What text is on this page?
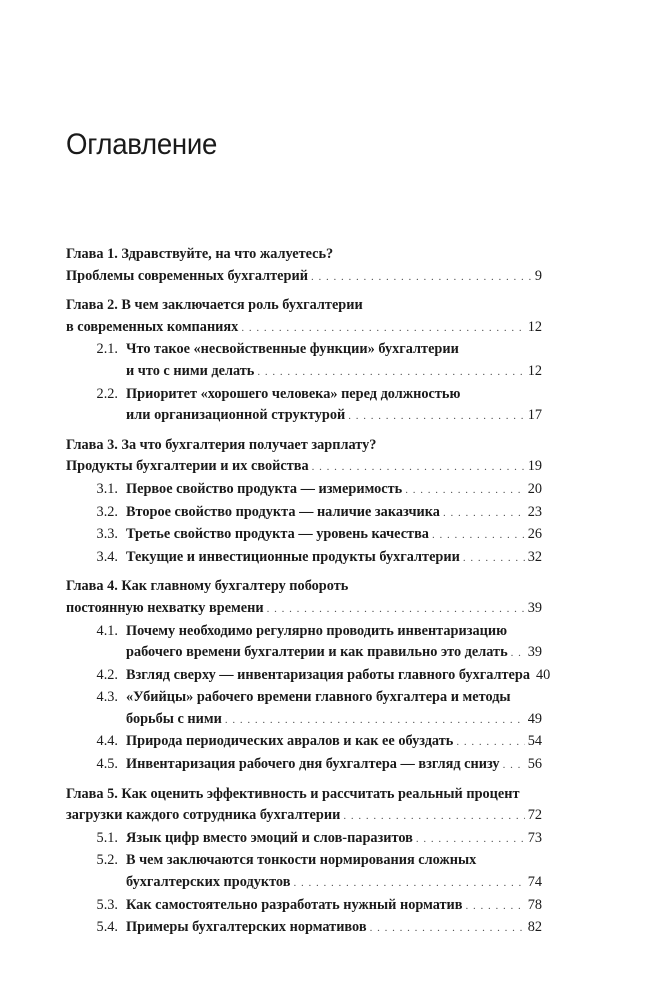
Оглавление
Глава 1. Здравствуйте, на что жалуетесь?
Проблемы современных бухгалтерий . . .	9
Глава 2. В чем заключается роль бухгалтерии
в современных компаниях . . .	12
2.1. Что такое «несвойственные функции» бухгалтерии
и что с ними делать . . .	12
2.2. Приоритет «хорошего человека» перед должностью
или организационной структурой . . .	17
Глава 3. За что бухгалтерия получает зарплату?
Продукты бухгалтерии и их свойства . . .	19
3.1. Первое свойство продукта — измеримость . . .	20
3.2. Второе свойство продукта — наличие заказчика . . .	23
3.3. Третье свойство продукта — уровень качества . . .	26
3.4. Текущие и инвестиционные продукты бухгалтерии . . .	32
Глава 4. Как главному бухгалтеру побороть
постоянную нехватку времени . . .	39
4.1. Почему необходимо регулярно проводить инвентаризацию
рабочего времени бухгалтерии и как правильно это делать . . . 39
4.2. Взгляд сверху — инвентаризация работы главного бухгалтера 40
4.3. «Убийцы» рабочего времени главного бухгалтера и методы
борьбы с ними . . .	49
4.4. Природа периодических авралов и как ее обуздать . . .	54
4.5. Инвентаризация рабочего дня бухгалтера — взгляд снизу . . . 56
Глава 5. Как оценить эффективность и рассчитать реальный процент
загрузки каждого сотрудника бухгалтерии . . .	72
5.1. Язык цифр вместо эмоций и слов-паразитов . . .	73
5.2. В чем заключаются тонкости нормирования сложных
бухгалтерских продуктов . . .	74
5.3. Как самостоятельно разработать нужный норматив . . .	78
5.4. Примеры бухгалтерских нормативов . . .	82
